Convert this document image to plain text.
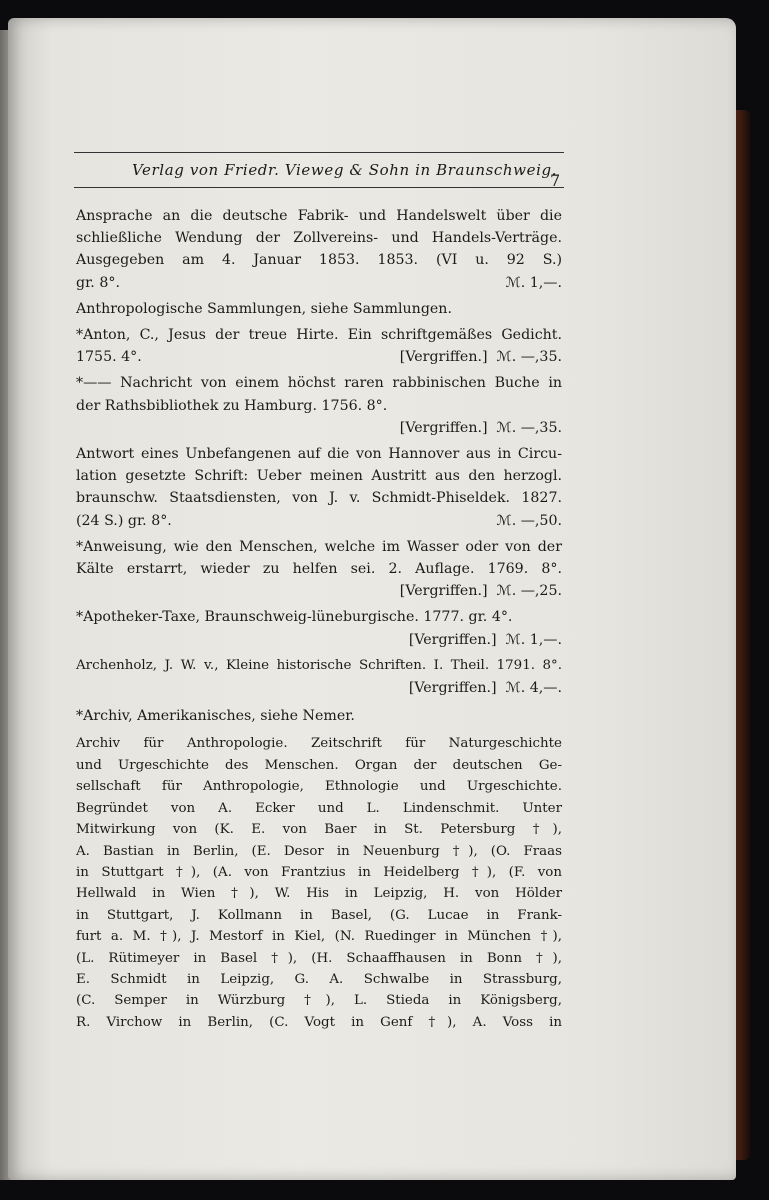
Verlag von Friedr. Vieweg & Sohn in Braunschweig.
7
Ansprache an die deutsche Fabrik- und Handelswelt über die
schließliche Wendung der Zollvereins- und Handels-Verträge.
Ausgegeben am 4. Januar 1853. 1853. (VI u. 92 S.)
gr. 8°.	ℳ. 1,—.
Anthropologische Sammlungen, siehe Sammlungen.
*Anton, C., Jesus der treue Hirte. Ein schriftgemäßes Gedicht.
1755. 4°.	[Vergriffen.] ℳ. —,35.
*—— Nachricht von einem höchst raren rabbinischen Buche in
der Rathsbibliothek zu Hamburg. 1756. 8°.
[Vergriffen.] ℳ. —,35.
Antwort eines Unbefangenen auf die von Hannover aus in Circu-
lation gesetzte Schrift: Ueber meinen Austritt aus den herzogl.
braunschw. Staatsdiensten, von J. v. Schmidt-Phiseldek. 1827.
(24 S.) gr. 8°.	ℳ. —,50.
*Anweisung, wie den Menschen, welche im Wasser oder von der
Kälte erstarrt, wieder zu helfen sei. 2. Auflage. 1769. 8°.
[Vergriffen.] ℳ. —,25.
*Apotheker-Taxe, Braunschweig-lüneburgische. 1777. gr. 4°.
[Vergriffen.] ℳ. 1,—.
Archenholz, J. W. v., Kleine historische Schriften. I. Theil. 1791. 8°.
[Vergriffen.] ℳ. 4,—.
*Archiv, Amerikanisches, siehe Nemer.
Archiv für Anthropologie. Zeitschrift für Naturgeschichte
und Urgeschichte des Menschen. Organ der deutschen Ge-
sellschaft für Anthropologie, Ethnologie und Urgeschichte.
Begründet von A. Ecker und L. Lindenschmit. Unter
Mitwirkung von (K. E. von Baer in St. Petersburg †),
A. Bastian in Berlin, (E. Desor in Neuenburg †), (O. Fraas
in Stuttgart †), (A. von Frantzius in Heidelberg †), (F. von
Hellwald in Wien †), W. His in Leipzig, H. von Hölder
in Stuttgart, J. Kollmann in Basel, (G. Lucae in Frank-
furt a. M. †), J. Mestorf in Kiel, (N. Ruedinger in München †),
(L. Rütimeyer in Basel †), (H. Schaaffhausen in Bonn †),
E. Schmidt in Leipzig, G. A. Schwalbe in Strassburg,
(C. Semper in Würzburg †), L. Stieda in Königsberg,
R. Virchow in Berlin, (C. Vogt in Genf †), A. Voss in
